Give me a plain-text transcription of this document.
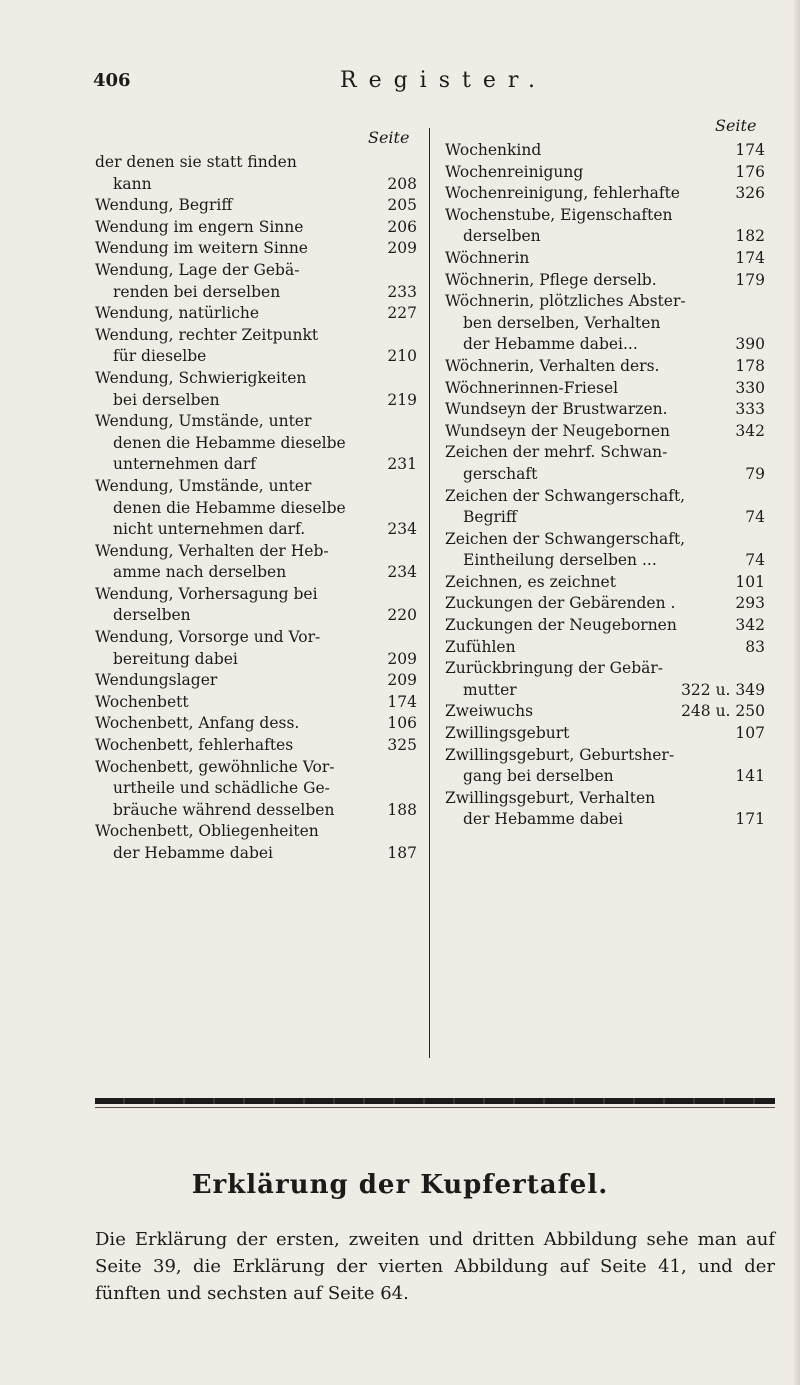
406	Register.
Seite
Seite
der denen sie statt finden
kann	208
Wendung, Begriff	205
Wendung im engern Sinne	206
Wendung im weitern Sinne	209
Wendung, Lage der Gebä-
renden bei derselben	233
Wendung, natürliche	227
Wendung, rechter Zeitpunkt
für dieselbe	210
Wendung, Schwierigkeiten
bei derselben	219
Wendung, Umstände, unter
denen die Hebamme dieselbe
unternehmen darf	231
Wendung, Umstände, unter
denen die Hebamme dieselbe
nicht unternehmen darf.	234
Wendung, Verhalten der Heb-
amme nach derselben	234
Wendung, Vorhersagung bei
derselben	220
Wendung, Vorsorge und Vor-
bereitung dabei	209
Wendungslager	209
Wochenbett	174
Wochenbett, Anfang dess.	106
Wochenbett, fehlerhaftes	325
Wochenbett, gewöhnliche Vor-
urtheile und schädliche Ge-
bräuche während desselben	188
Wochenbett, Obliegenheiten
der Hebamme dabei	187
Wochenkind	174
Wochenreinigung	176
Wochenreinigung, fehlerhafte	326
Wochenstube, Eigenschaften
derselben	182
Wöchnerin	174
Wöchnerin, Pflege derselb.	179
Wöchnerin, plötzliches Abster-
ben derselben, Verhalten
der Hebamme dabei...	390
Wöchnerin, Verhalten ders.	178
Wöchnerinnen-Friesel	330
Wundseyn der Brustwarzen.	333
Wundseyn der Neugebornen	342
Zeichen der mehrf. Schwan-
gerschaft	79
Zeichen der Schwangerschaft,
Begriff	74
Zeichen der Schwangerschaft,
Eintheilung derselben ...	74
Zeichnen, es zeichnet	101
Zuckungen der Gebärenden .	293
Zuckungen der Neugebornen	342
Zufühlen	83
Zurückbringung der Gebär-
mutter	322 u. 349
Zweiwuchs	248 u. 250
Zwillingsgeburt	107
Zwillingsgeburt, Geburtsher-
gang bei derselben	141
Zwillingsgeburt, Verhalten
der Hebamme dabei	171
Erklärung der Kupfertafel.
Die Erklärung der ersten, zweiten und dritten Abbildung sehe man auf Seite 39, die Erklärung der vierten Abbildung auf Seite 41, und der fünften und sechsten auf Seite 64.
